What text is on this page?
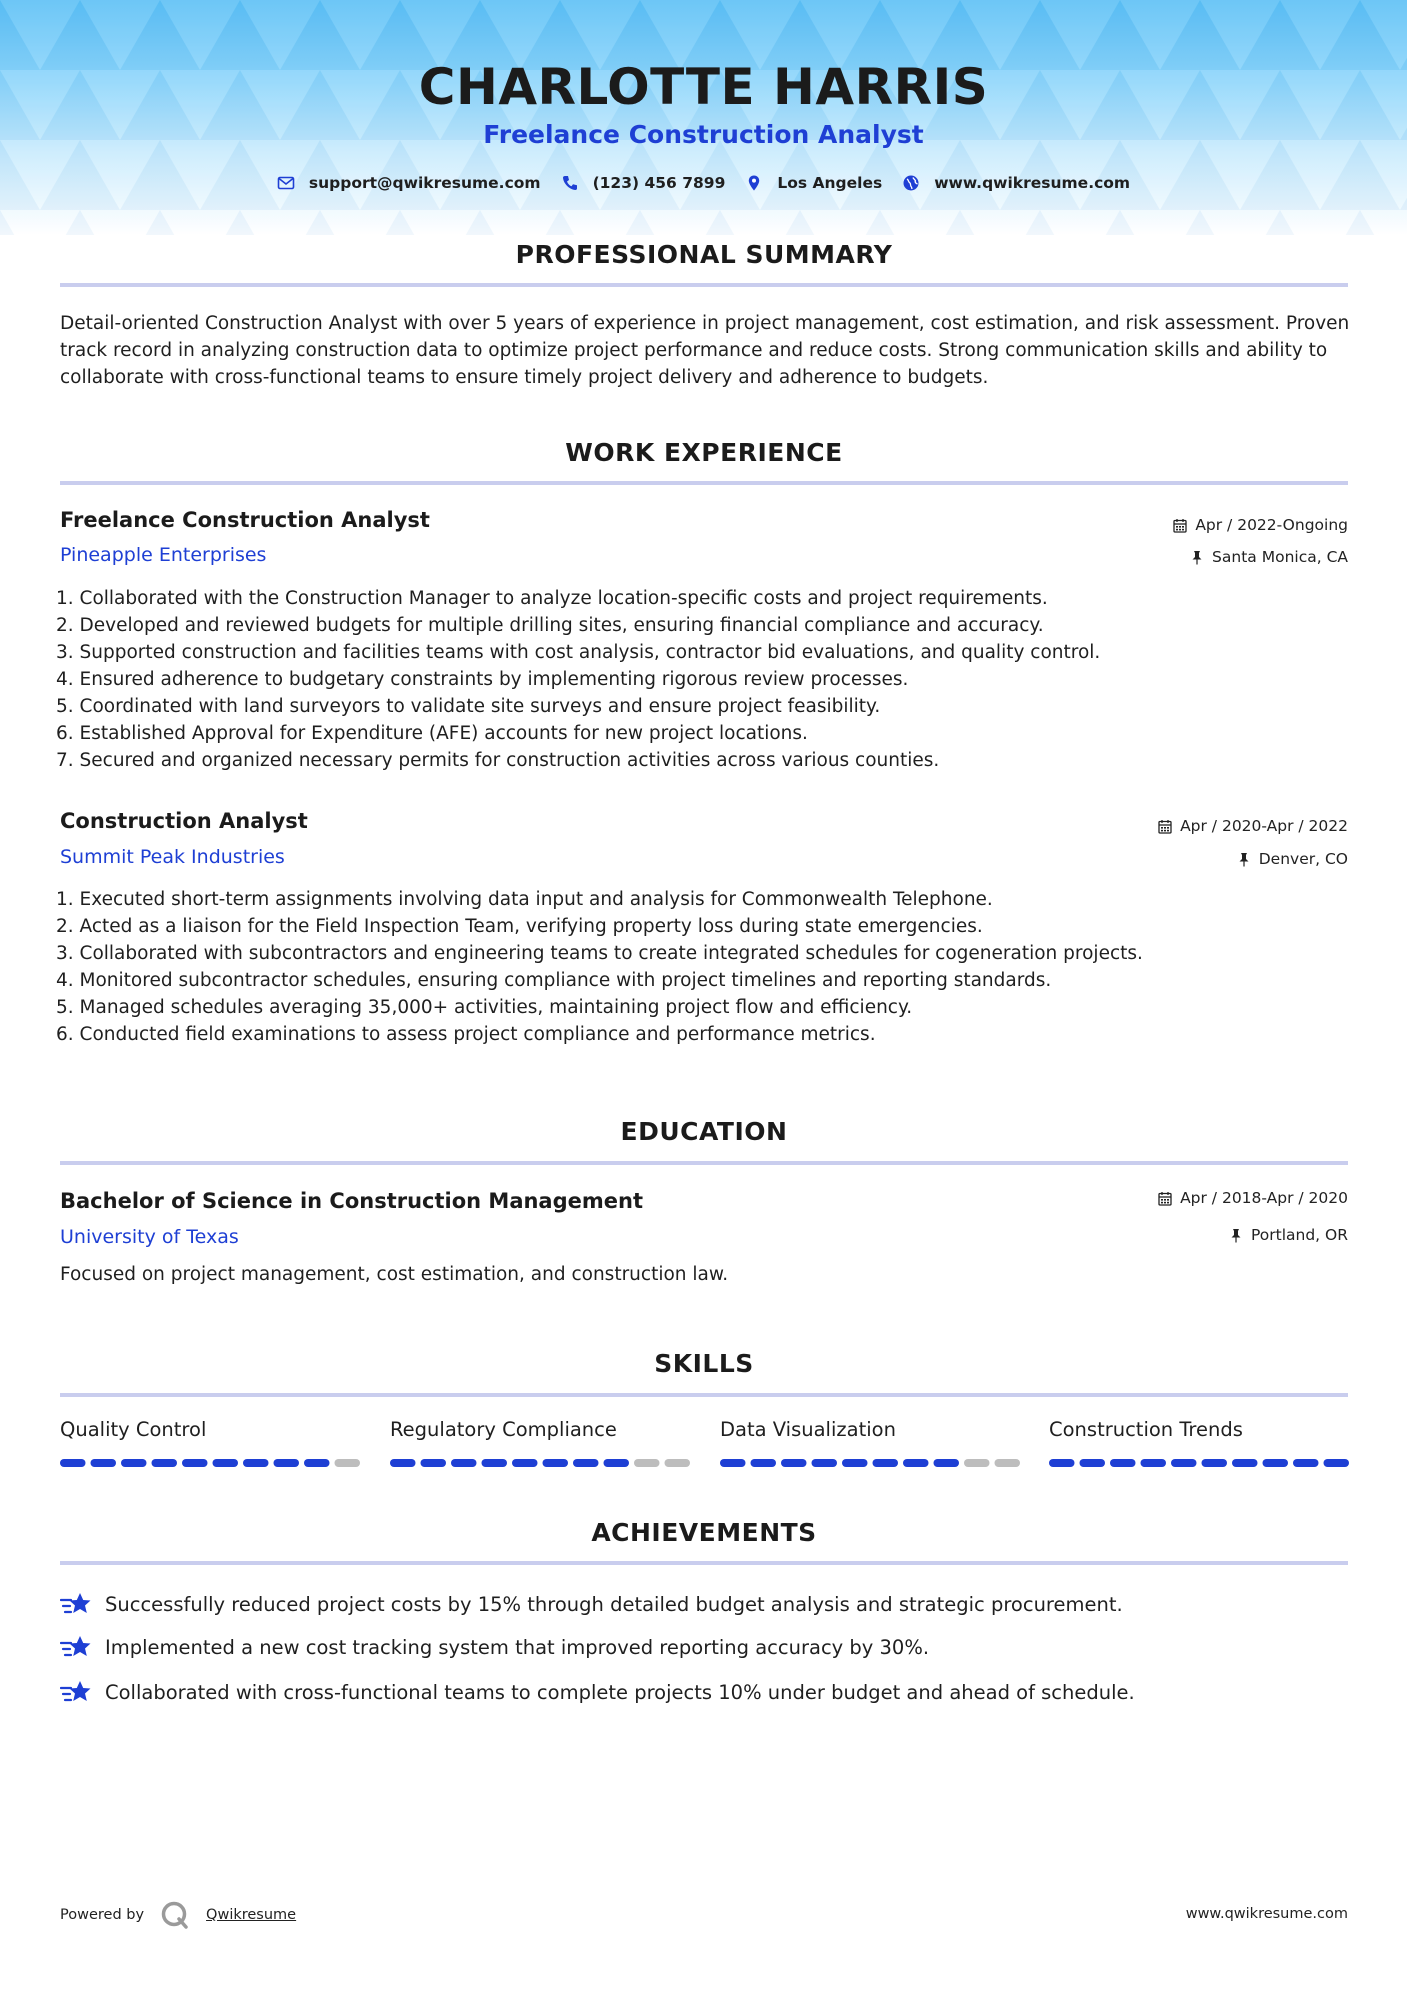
CHARLOTTE HARRIS
Freelance Construction Analyst
support@qwikresume.com	(123) 456 7899	Los Angeles	www.qwikresume.com
PROFESSIONAL SUMMARY
Detail-oriented Construction Analyst with over 5 years of experience in project management, cost estimation, and risk assessment. Proven track record in analyzing construction data to optimize project performance and reduce costs. Strong communication skills and ability to collaborate with cross-functional teams to ensure timely project delivery and adherence to budgets.
WORK EXPERIENCE
Freelance Construction Analyst
Pineapple Enterprises
Apr / 2022-Ongoing
Santa Monica, CA
1. Collaborated with the Construction Manager to analyze location-specific costs and project requirements.
2. Developed and reviewed budgets for multiple drilling sites, ensuring financial compliance and accuracy.
3. Supported construction and facilities teams with cost analysis, contractor bid evaluations, and quality control.
4. Ensured adherence to budgetary constraints by implementing rigorous review processes.
5. Coordinated with land surveyors to validate site surveys and ensure project feasibility.
6. Established Approval for Expenditure (AFE) accounts for new project locations.
7. Secured and organized necessary permits for construction activities across various counties.
Construction Analyst
Summit Peak Industries
Apr / 2020-Apr / 2022
Denver, CO
1. Executed short-term assignments involving data input and analysis for Commonwealth Telephone.
2. Acted as a liaison for the Field Inspection Team, verifying property loss during state emergencies.
3. Collaborated with subcontractors and engineering teams to create integrated schedules for cogeneration projects.
4. Monitored subcontractor schedules, ensuring compliance with project timelines and reporting standards.
5. Managed schedules averaging 35,000+ activities, maintaining project flow and efficiency.
6. Conducted field examinations to assess project compliance and performance metrics.
EDUCATION
Bachelor of Science in Construction Management
University of Texas
Apr / 2018-Apr / 2020
Portland, OR
Focused on project management, cost estimation, and construction law.
SKILLS
Quality Control	Regulatory Compliance	Data Visualization	Construction Trends
ACHIEVEMENTS
Successfully reduced project costs by 15% through detailed budget analysis and strategic procurement.
Implemented a new cost tracking system that improved reporting accuracy by 30%.
Collaborated with cross-functional teams to complete projects 10% under budget and ahead of schedule.
Powered by	Qwikresume	www.qwikresume.com
